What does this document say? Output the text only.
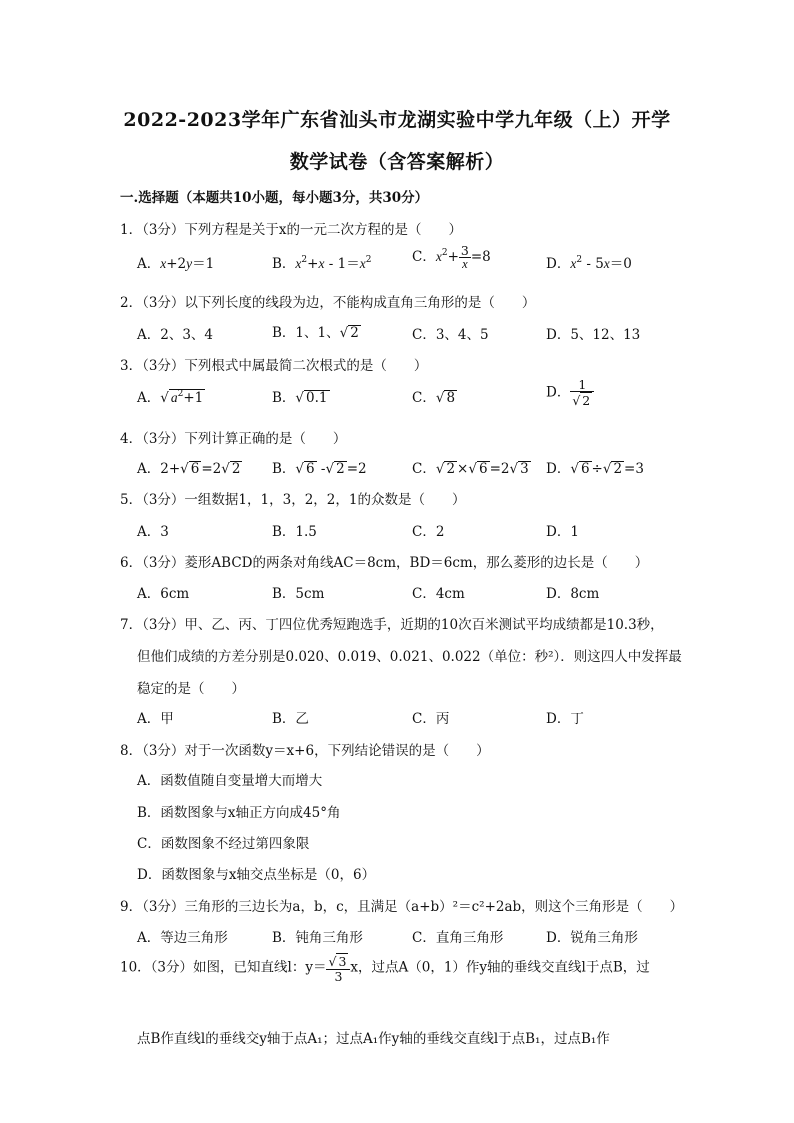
2022-2023学年广东省汕头市龙湖实验中学九年级（上）开学
数学试卷（含答案解析）
一.选择题（本题共10小题，每小题3分，共30分）
1．（3分）下列方程是关于x的一元二次方程的是（　　）
A．x+2y＝1	B．$x^2+x - 1=x^2$	C．$x^2+ \frac{3}{x} =8$	D．$x^2 - 5x=0$
2．（3分）以下列长度的线段为边，不能构成直角三角形的是（　　）
A．2、3、4	B．1、1、√ 2	C．3、4、5	D．5、12、13
3．（3分）下列根式中属最简二次根式的是（　　）
A．√ $a^2+1$	B．√ 0.1	C．√ 8	D． $\frac{1}{√ 2}$
4．（3分）下列计算正确的是（　　）
A．2+√ 6 =2√ 2 B．√ 6 -√ 2 =2	C．√ 2 ×√ 6 =2√ 3 D．√ 6 ÷√ 2 =3
5．（3分）一组数据1，1，3，2，2，1的众数是（　　）
A．3	B．1.5	C．2	D．1
6．（3分）菱形ABCD的两条对角线AC＝8cm，BD＝6cm，那么菱形的边长是（　　）
A．6cm	B．5cm	C．4cm	D．8cm
7．（3分）甲、乙、丙、丁四位优秀短跑选手，近期的10次百米测试平均成绩都是10.3秒，
但他们成绩的方差分别是0.020、0.019、0.021、0.022（单位：秒²）．则这四人中发挥最
稳定的是（　　）
A．甲	B．乙	C．丙	D．丁
8．（3分）对于一次函数y＝x+6，下列结论错误的是（　　）
A．函数值随自变量增大而增大
B．函数图象与x轴正方向成45°角
C．函数图象不经过第四象限
D．函数图象与x轴交点坐标是（0，6）
9．（3分）三角形的三边长为a，b，c，且满足（a+b）²＝c²+2ab，则这个三角形是（　　）
A．等边三角形	B．钝角三角形	C．直角三角形	D．锐角三角形
10．（3分）如图，已知直线l：$y= \frac{√ 3}{3}$ x，过点A（0，1）作y轴的垂线交直线l于点B，过
点B作直线l的垂线交y轴于点A₁；过点A₁作y轴的垂线交直线l于点B₁，过点B₁作
